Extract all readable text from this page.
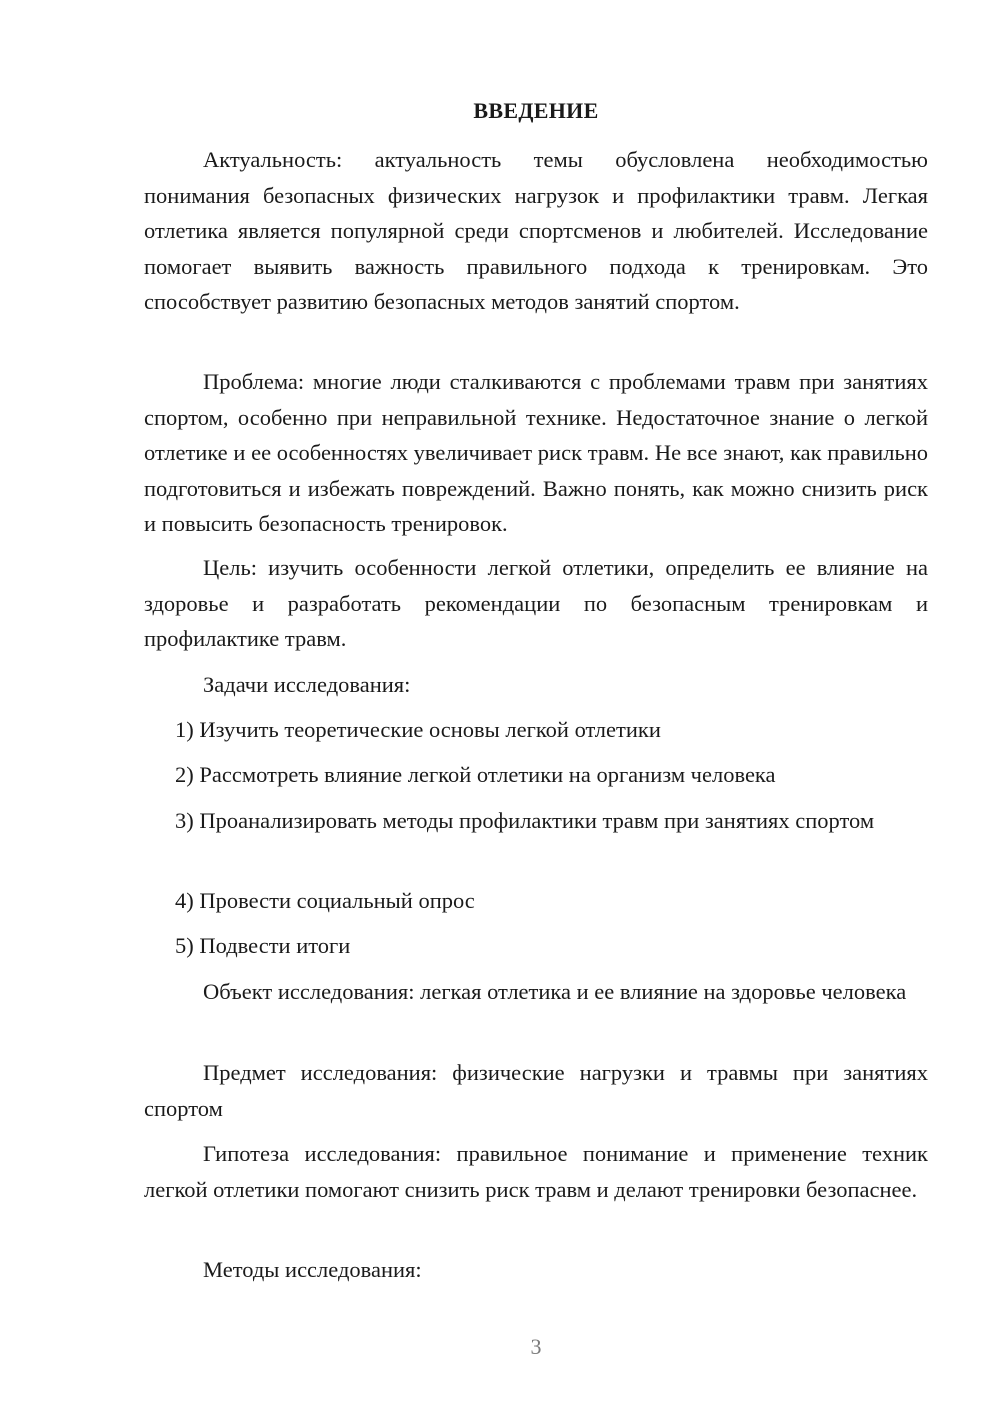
ВВЕДЕНИЕ

Актуальность: актуальность темы обусловлена необходимостью понимания безопасных физических нагрузок и профилактики травм. Легкая отлетика является популярной среди спортсменов и любителей. Исследование помогает выявить важность правильного подхода к тренировкам. Это способствует развитию безопасных методов занятий спортом.

Проблема: многие люди сталкиваются с проблемами травм при занятиях спортом, особенно при неправильной технике. Недостаточное знание о легкой отлетике и ее особенностях увеличивает риск травм. Не все знают, как правильно подготовиться и избежать повреждений. Важно понять, как можно снизить риск и повысить безопасность тренировок.

Цель: изучить особенности легкой отлетики, определить ее влияние на здоровье и разработать рекомендации по безопасным тренировкам и профилактике травм.

Задачи исследования:

1) Изучить теоретические основы легкой отлетики

2) Рассмотреть влияние легкой отлетики на организм человека

3) Проанализировать методы профилактики травм при занятиях спортом

4) Провести социальный опрос

5) Подвести итоги

Объект исследования: легкая отлетика и ее влияние на здоровье человека

Предмет исследования: физические нагрузки и травмы при занятиях спортом

Гипотеза исследования: правильное понимание и применение техник легкой отлетики помогают снизить риск травм и делают тренировки безопаснее.

Методы исследования:

3
